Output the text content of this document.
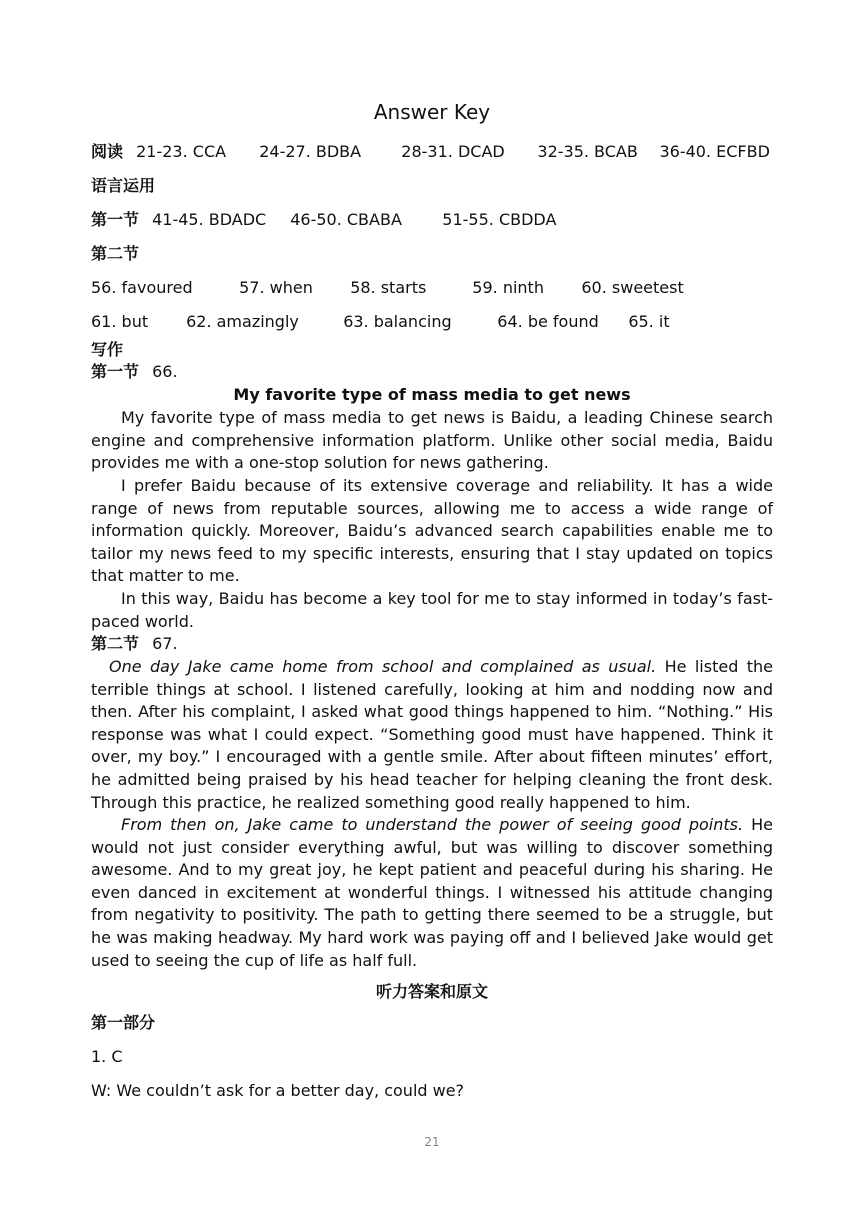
Answer Key
阅读 21-23. CCA 24-27. BDBA	28-31. DCAD 32-35. BCAB 36-40. ECFBD
语言运用
第一节 41-45. BDADC 46-50. CBABA	51-55. CBDDA
第二节
56. favoured	57. when 58. starts	59. ninth 60. sweetest
61. but 62. amazingly	63. balancing	64. be found 65. it
写作
第一节 66.
My favorite type of mass media to get news

My favorite type of mass media to get news is Baidu, a leading Chinese search engine and comprehensive information platform. Unlike other social media, Baidu provides me with a one-stop solution for news gathering.

I prefer Baidu because of its extensive coverage and reliability. It has a wide range of news from reputable sources, allowing me to access a wide range of information quickly. Moreover, Baidu’s advanced search capabilities enable me to tailor my news feed to my specific interests, ensuring that I stay updated on topics that matter to me.

In this way, Baidu has become a key tool for me to stay informed in today’s fast-paced world.

第二节 67.

One day Jake came home from school and complained as usual. He listed the terrible things at school. I listened carefully, looking at him and nodding now and then. After his complaint, I asked what good things happened to him. “Nothing.” His response was what I could expect. “Something good must have happened. Think it over, my boy.” I encouraged with a gentle smile. After about fifteen minutes’ effort, he admitted being praised by his head teacher for helping cleaning the front desk. Through this practice, he realized something good really happened to him.

From then on, Jake came to understand the power of seeing good points. He would not just consider everything awful, but was willing to discover something awesome. And to my great joy, he kept patient and peaceful during his sharing. He even danced in excitement at wonderful things. I witnessed his attitude changing from negativity to positivity. The path to getting there seemed to be a struggle, but he was making headway. My hard work was paying off and I believed Jake would get used to seeing the cup of life as half full.

听力答案和原文
第一部分
1. C
W: We couldn’t ask for a better day, could we?
21
